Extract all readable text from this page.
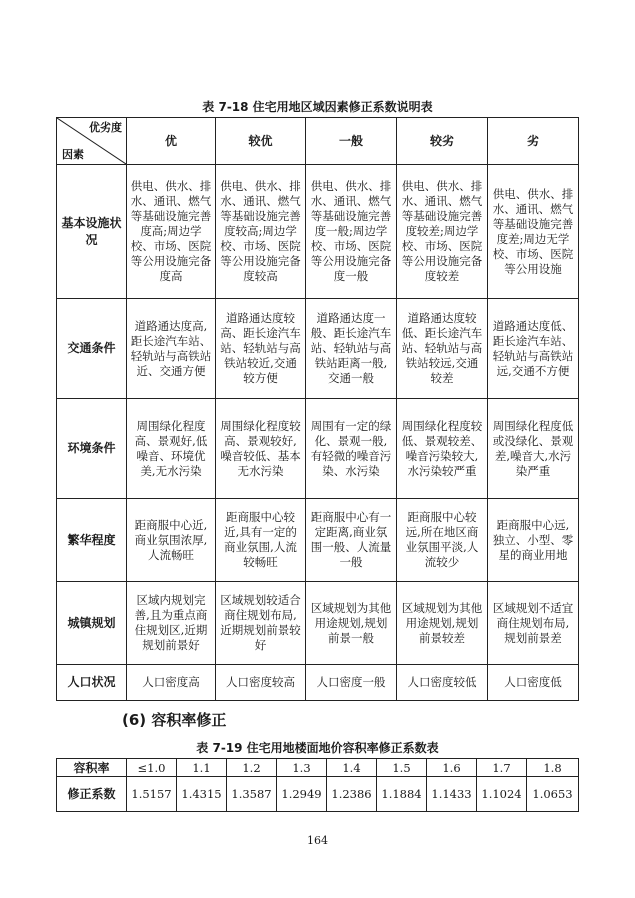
表 7-18 住宅用地区域因素修正系数说明表
优劣度
因素	优	较优	一般	较劣	劣
基本设施状况	供电、供水、排水、通讯、燃气等基础设施完善度高;周边学校、市场、医院等公用设施完备度高	供电、供水、排水、通讯、燃气等基础设施完善度较高;周边学校、市场、医院等公用设施完备度较高	供电、供水、排水、通讯、燃气等基础设施完善度一般;周边学校、市场、医院等公用设施完备度一般	供电、供水、排水、通讯、燃气等基础设施完善度较差;周边学校、市场、医院等公用设施完备度较差	供电、供水、排水、通讯、燃气等基础设施完善度差;周边无学校、市场、医院等公用设施
交通条件	道路通达度高,距长途汽车站、轻轨站与高铁站近、交通方便	道路通达度较高、距长途汽车站、轻轨站与高铁站较近,交通较方便	道路通达度一般、距长途汽车站、轻轨站与高铁站距离一般,交通一般	道路通达度较低、距长途汽车站、轻轨站与高铁站较远,交通较差	道路通达度低、距长途汽车站、轻轨站与高铁站远,交通不方便
环境条件	周围绿化程度高、景观好,低噪音、环境优美,无水污染	周围绿化程度较高、景观较好,噪音较低、基本无水污染	周围有一定的绿化、景观一般,有轻微的噪音污染、水污染	周围绿化程度较低、景观较差、噪音污染较大,水污染较严重	周围绿化程度低或没绿化、景观差,噪音大,水污染严重
繁华程度	距商服中心近,商业氛围浓厚,人流畅旺	距商服中心较近,具有一定的商业氛围,人流较畅旺	距商服中心有一定距离,商业氛围一般、人流量一般	距商服中心较远,所在地区商业氛围平淡,人流较少	距商服中心远,独立、小型、零星的商业用地
城镇规划	区域内规划完善,且为重点商住规划区,近期规划前景好	区域规划较适合商住规划布局,近期规划前景较好	区域规划为其他用途规划,规划前景一般	区域规划为其他用途规划,规划前景较差	区域规划不适宜商住规划布局,规划前景差
人口状况	人口密度高	人口密度较高	人口密度一般	人口密度较低	人口密度低
(6) 容积率修正
表 7-19 住宅用地楼面地价容积率修正系数表
容积率	≤1.0	1.1	1.2	1.3	1.4	1.5	1.6	1.7	1.8
修正系数	1.5157	1.4315	1.3587	1.2949	1.2386	1.1884	1.1433	1.1024	1.0653
164
